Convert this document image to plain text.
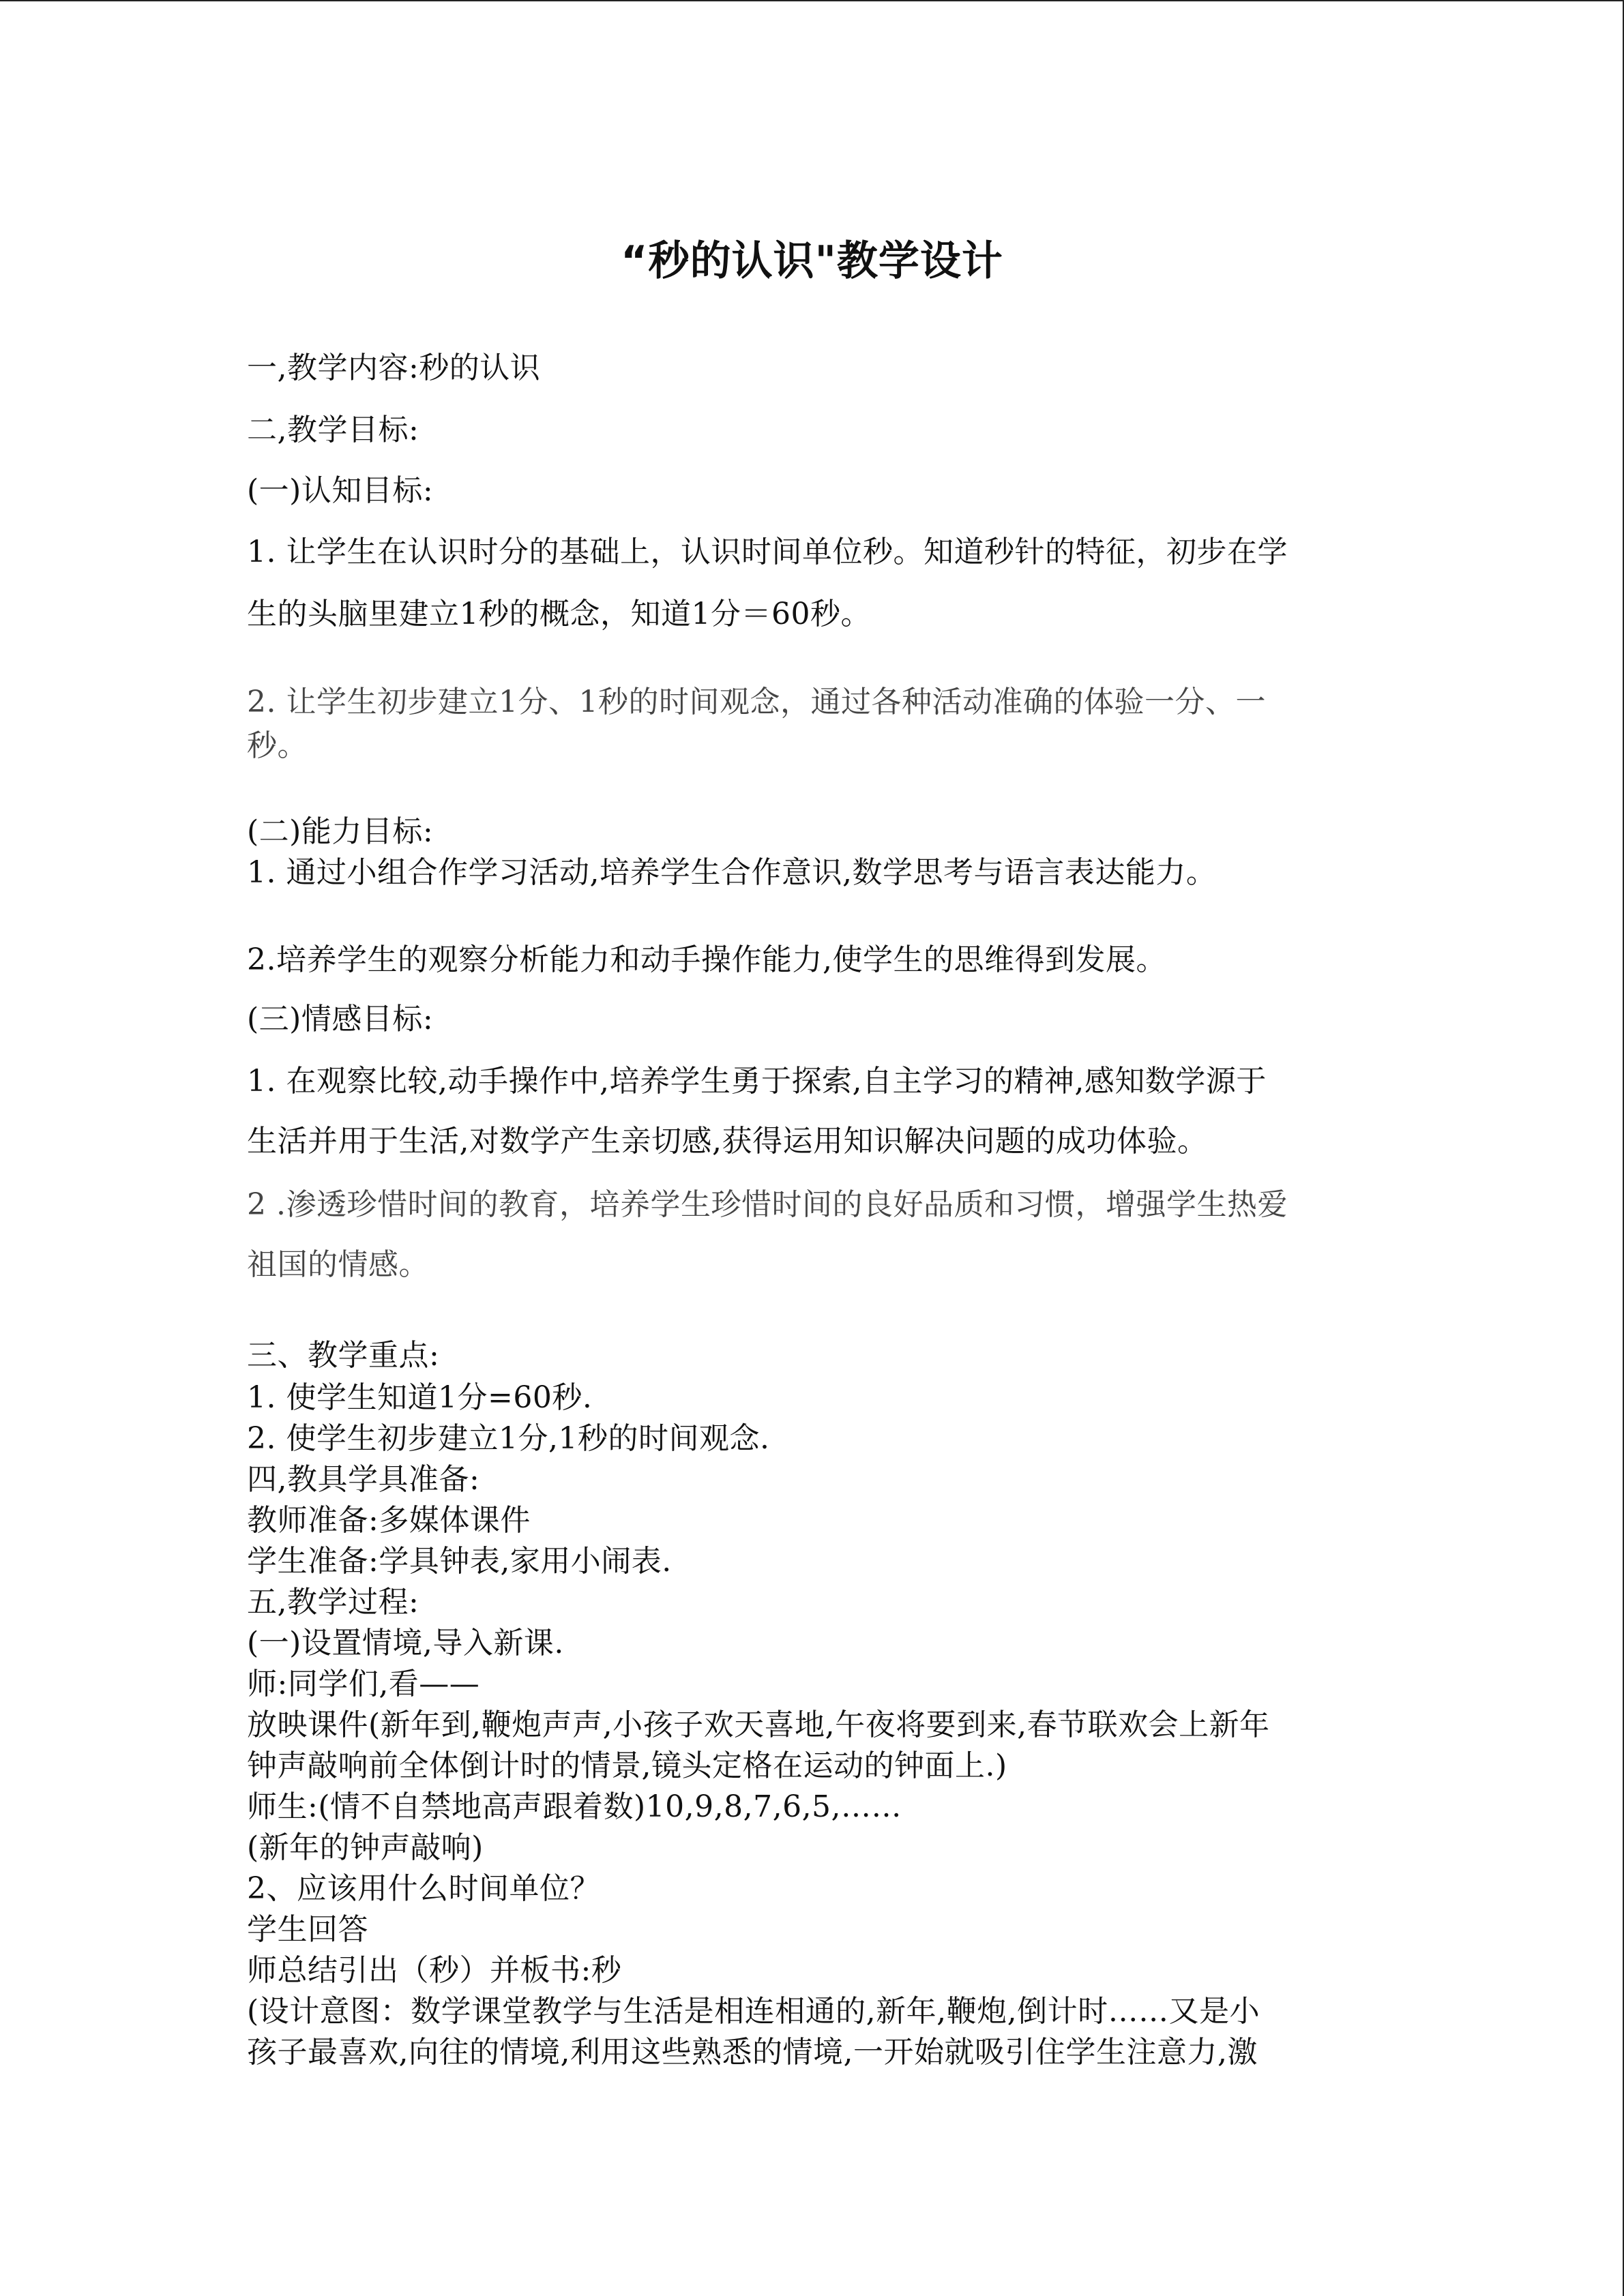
“秒的认识"教学设计
一,教学内容:秒的认识
二,教学目标:
(一)认知目标:
1. 让学生在认识时分的基础上，认识时间单位秒。知道秒针的特征，初步在学
生的头脑里建立1秒的概念，知道1分＝60秒。
2. 让学生初步建立1分、1秒的时间观念，通过各种活动准确的体验一分、一
秒。
(二)能力目标:
1. 通过小组合作学习活动,培养学生合作意识,数学思考与语言表达能力。
2.培养学生的观察分析能力和动手操作能力,使学生的思维得到发展。
(三)情感目标:
1. 在观察比较,动手操作中,培养学生勇于探索,自主学习的精神,感知数学源于
生活并用于生活,对数学产生亲切感,获得运用知识解决问题的成功体验。
2 .渗透珍惜时间的教育，培养学生珍惜时间的良好品质和习惯，增强学生热爱
祖国的情感。
三、教学重点:
1. 使学生知道1分=60秒.
2. 使学生初步建立1分,1秒的时间观念.
四,教具学具准备:
教师准备:多媒体课件
学生准备:学具钟表,家用小闹表.
五,教学过程:
(一)设置情境,导入新课.
师:同学们,看——
放映课件(新年到,鞭炮声声,小孩子欢天喜地,午夜将要到来,春节联欢会上新年
钟声敲响前全体倒计时的情景,镜头定格在运动的钟面上.)
师生:(情不自禁地高声跟着数)10,9,8,7,6,5,……
(新年的钟声敲响)
2、应该用什么时间单位？
学生回答
师总结引出（秒）并板书:秒
(设计意图：数学课堂教学与生活是相连相通的,新年,鞭炮,倒计时……又是小
孩子最喜欢,向往的情境,利用这些熟悉的情境,一开始就吸引住学生注意力,激
